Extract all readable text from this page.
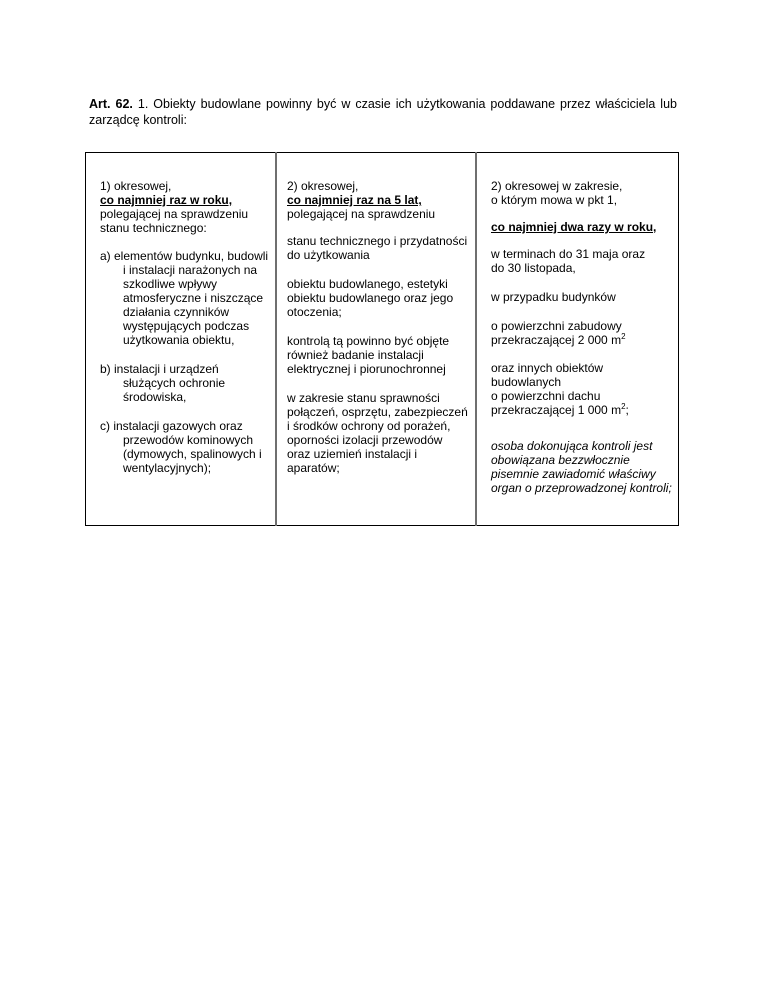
Art. 62. 1. Obiekty budowlane powinny być w czasie ich użytkowania poddawane przez właściciela lub zarządcę kontroli:

1) okresowej,

co najmniej raz w roku,

polegającej na sprawdzeniu

stanu technicznego:

a) elementów budynku, budowli i instalacji narażonych na szkodliwe wpływy atmosferyczne i niszczące działania czynników występujących podczas użytkowania obiektu,

b) instalacji i urządzeń służących ochronie środowiska,

c) instalacji gazowych oraz przewodów kominowych (dymowych, spalinowych i wentylacyjnych);

2) okresowej,

co najmniej raz na 5 lat,

polegającej na sprawdzeniu

stanu technicznego i przydatności do użytkowania

obiektu budowlanego, estetyki obiektu budowlanego oraz jego otoczenia;

kontrolą tą powinno być objęte również badanie instalacji elektrycznej i piorunochronnej

w zakresie stanu sprawności połączeń, osprzętu, zabezpieczeń i środków ochrony od porażeń, oporności izolacji przewodów oraz uziemień instalacji i aparatów;

2) okresowej w zakresie,

o którym mowa w pkt 1,

co najmniej dwa razy w roku,

w terminach do 31 maja oraz do 30 listopada,

w przypadku budynków

o powierzchni zabudowy

przekraczającej 2 000 $m^2$

oraz innych obiektów budowlanych

o powierzchni dachu

przekraczającej 1 000 $m^2$;

osoba dokonująca kontroli jest obowiązana bezzwłocznie pisemnie zawiadomić właściwy organ o przeprowadzonej kontroli;
